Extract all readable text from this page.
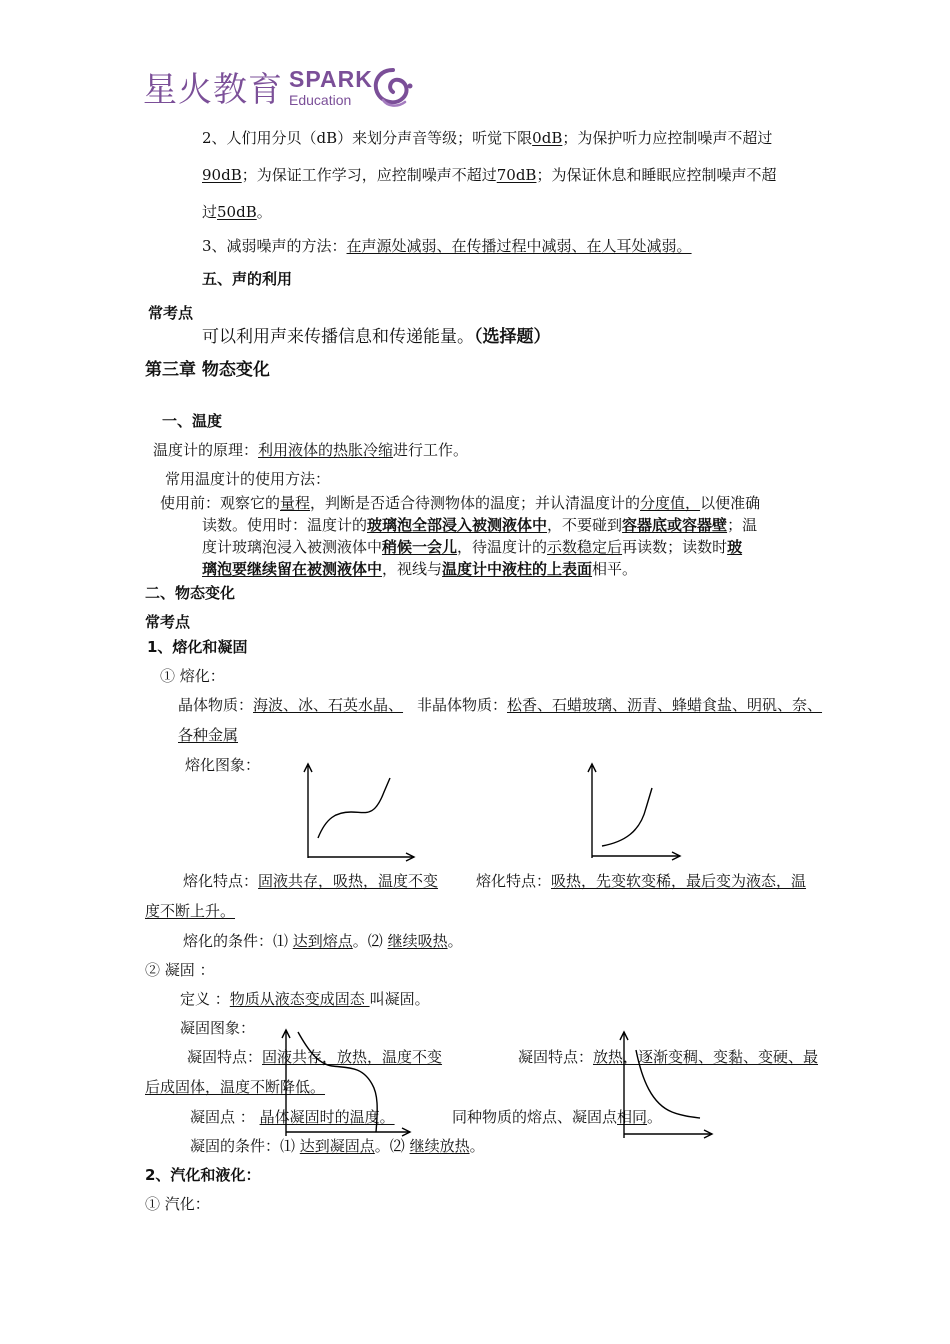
星火教育 SPARK
Education
2、人们用分贝（dB）来划分声音等级；听觉下限0dB；为保护听力应控制噪声不超过
90dB；为保证工作学习，应控制噪声不超过70dB；为保证休息和睡眠应控制噪声不超
过50dB。
3、减弱噪声的方法：在声源处减弱、在传播过程中减弱、在人耳处减弱。
五、声的利用
常考点
可以利用声来传播信息和传递能量。（选择题）
第三章 物态变化
一、温度
温度计的原理：利用液体的热胀冷缩进行工作。
常用温度计的使用方法：
使用前：观察它的量程，判断是否适合待测物体的温度；并认清温度计的分度值，以便准确
读数。使用时：温度计的玻璃泡全部浸入被测液体中，不要碰到容器底或容器壁；温
度计玻璃泡浸入被测液体中稍候一会儿，待温度计的示数稳定后再读数；读数时玻
璃泡要继续留在被测液体中，视线与温度计中液柱的上表面相平。
二、物态变化
常考点
1、熔化和凝固
① 熔化：
晶体物质：海波、冰、石英水晶、 非晶体物质：松香、石蜡玻璃、沥青、蜂蜡食盐、明矾、奈、
各种金属
熔化图象：
熔化特点：固液共存，吸热，温度不变	熔化特点：吸热，先变软变稀，最后变为液态，温
度不断上升。
熔化的条件：⑴ 达到熔点。⑵ 继续吸热。
② 凝固 ：
定义 ：物质从液态变成固态 叫凝固。
凝固图象：
凝固特点：固液共存，放热，温度不变	凝固特点：放热，逐渐变稠、变黏、变硬、最
后成固体，温度不断降低。
凝固点 ： 晶体凝固时的温度。	同种物质的熔点、凝固点相同。
凝固的条件：⑴ 达到凝固点。⑵ 继续放热。
2、汽化和液化：
① 汽化：
